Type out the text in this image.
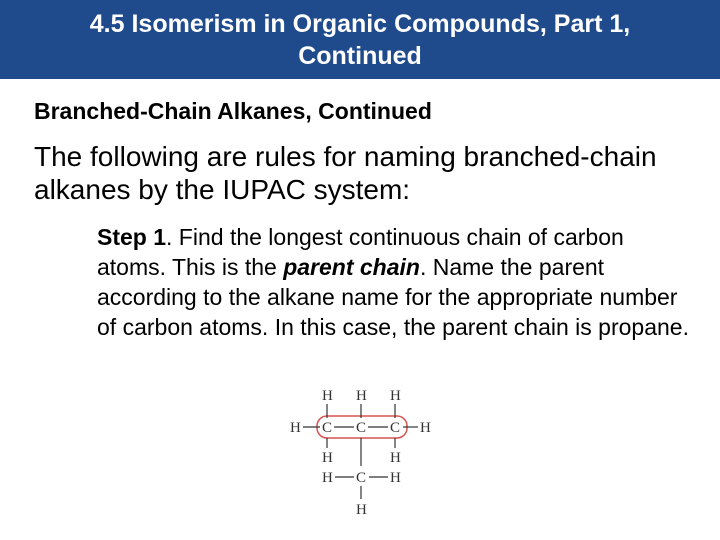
4.5 Isomerism in Organic Compounds, Part 1,
Continued
Branched-Chain Alkanes, Continued
The following are rules for naming branched-chain alkanes by the IUPAC system:
Step 1. Find the longest continuous chain of carbon atoms. This is the parent chain. Name the parent according to the alkane name for the appropriate number of carbon atoms. In this case, the parent chain is propane.
H H H
H C C C H
H	H
H C H
H
